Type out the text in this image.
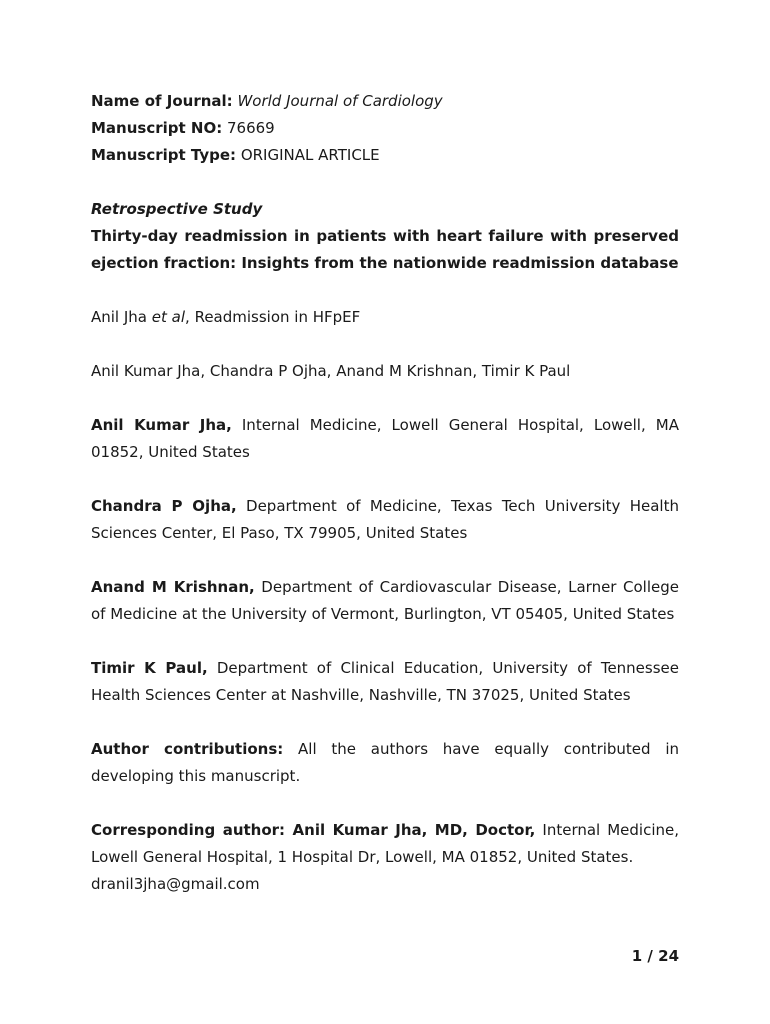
Name of Journal: World Journal of Cardiology

Manuscript NO: 76669

Manuscript Type: ORIGINAL ARTICLE

Retrospective Study

Thirty-day readmission in patients with heart failure with preserved ejection fraction: Insights from the nationwide readmission database

Anil Jha et al, Readmission in HFpEF

Anil Kumar Jha, Chandra P Ojha, Anand M Krishnan, Timir K Paul

Anil Kumar Jha, Internal Medicine, Lowell General Hospital, Lowell, MA 01852, United States

Chandra P Ojha, Department of Medicine, Texas Tech University Health Sciences Center, El Paso, TX 79905, United States

Anand M Krishnan, Department of Cardiovascular Disease, Larner College of Medicine at the University of Vermont, Burlington, VT 05405, United States

Timir K Paul, Department of Clinical Education, University of Tennessee Health Sciences Center at Nashville, Nashville, TN 37025, United States

Author contributions: All the authors have equally contributed in developing this manuscript.

Corresponding author: Anil Kumar Jha, MD, Doctor, Internal Medicine, Lowell General Hospital, 1 Hospital Dr, Lowell, MA 01852, United States.

dranil3jha@gmail.com

1 / 24
